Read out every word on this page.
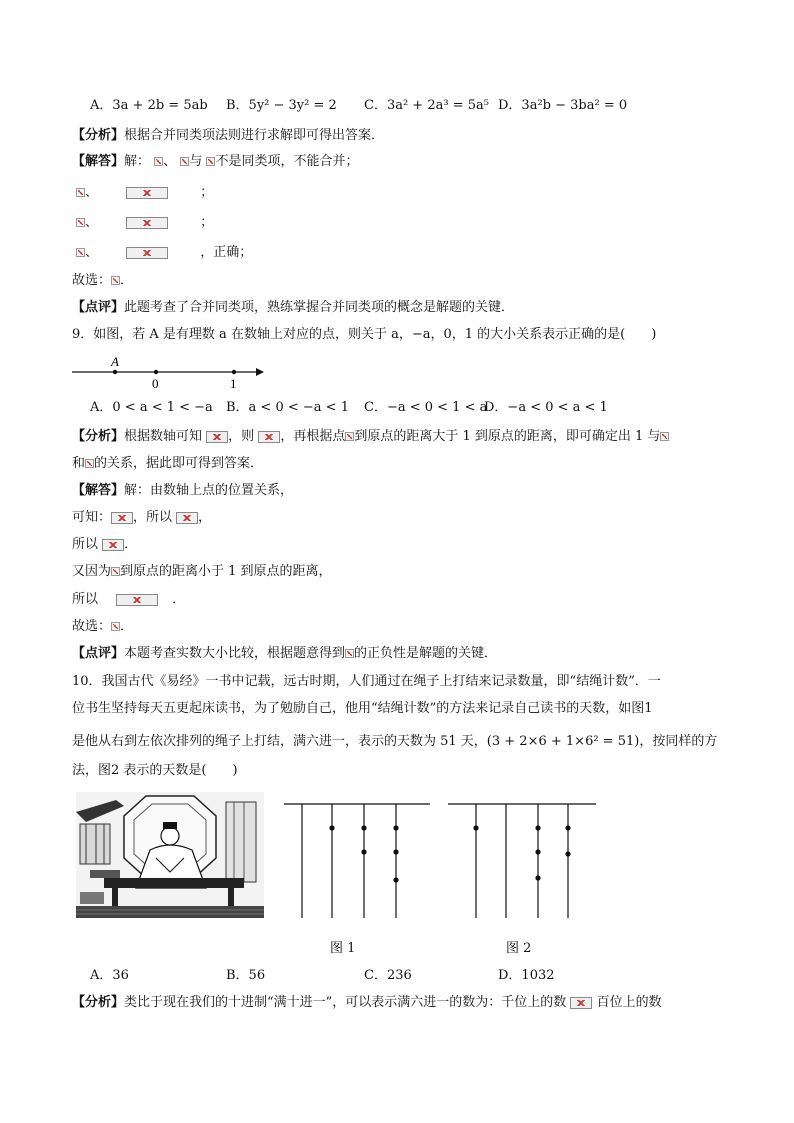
A．3a + 2b = 5ab B．5y² − 3y² = 2 C．3a² + 2a³ = 5a⁵ D．3a²b − 3ba² = 0
【分析】根据合并同类项法则进行求解即可得出答案．
【解答】解： 、 与 不是同类项，不能合并；
、	；
、	；
、	，正确；
故选： ．
【点评】此题考查了合并同类项，熟练掌握合并同类项的概念是解题的关键．
9．如图，若 A 是有理数 a 在数轴上对应的点，则关于 a，−a，0，1 的大小关系表示正确的是(　　)
A
0	1
A．0 < a < 1 < −a B．a < 0 < −a < 1 C．−a < 0 < 1 < a
D．−a < 0 < a < 1
【分析】根据数轴可知 ，则 ，再根据点 到原点的距离大于 1 到原点的距离，即可确定出 1 与
和 的关系，据此即可得到答案．
【解答】解：由数轴上点的位置关系，
可知： ，所以 ，
所以 ．
又因为 到原点的距离小于 1 到原点的距离，
所以	．
故选： ．
【点评】本题考查实数大小比较，根据题意得到 的正负性是解题的关键．
10．我国古代《易经》一书中记载，远古时期，人们通过在绳子上打结来记录数量，即“结绳计数”．一
位书生坚持每天五更起床读书，为了勉励自己，他用“结绳计数”的方法来记录自己读书的天数，如图1
是他从右到左依次排列的绳子上打结，满六进一，表示的天数为 51 天，(3 + 2×6 + 1×6² = 51)，按同样的方
法，图2 表示的天数是(　　)
图 1	图 2
A．36	B．56	C．236	D．1032
【分析】类比于现在我们的十进制“满十进一”，可以表示满六进一的数为：千位上的数 百位上的数
